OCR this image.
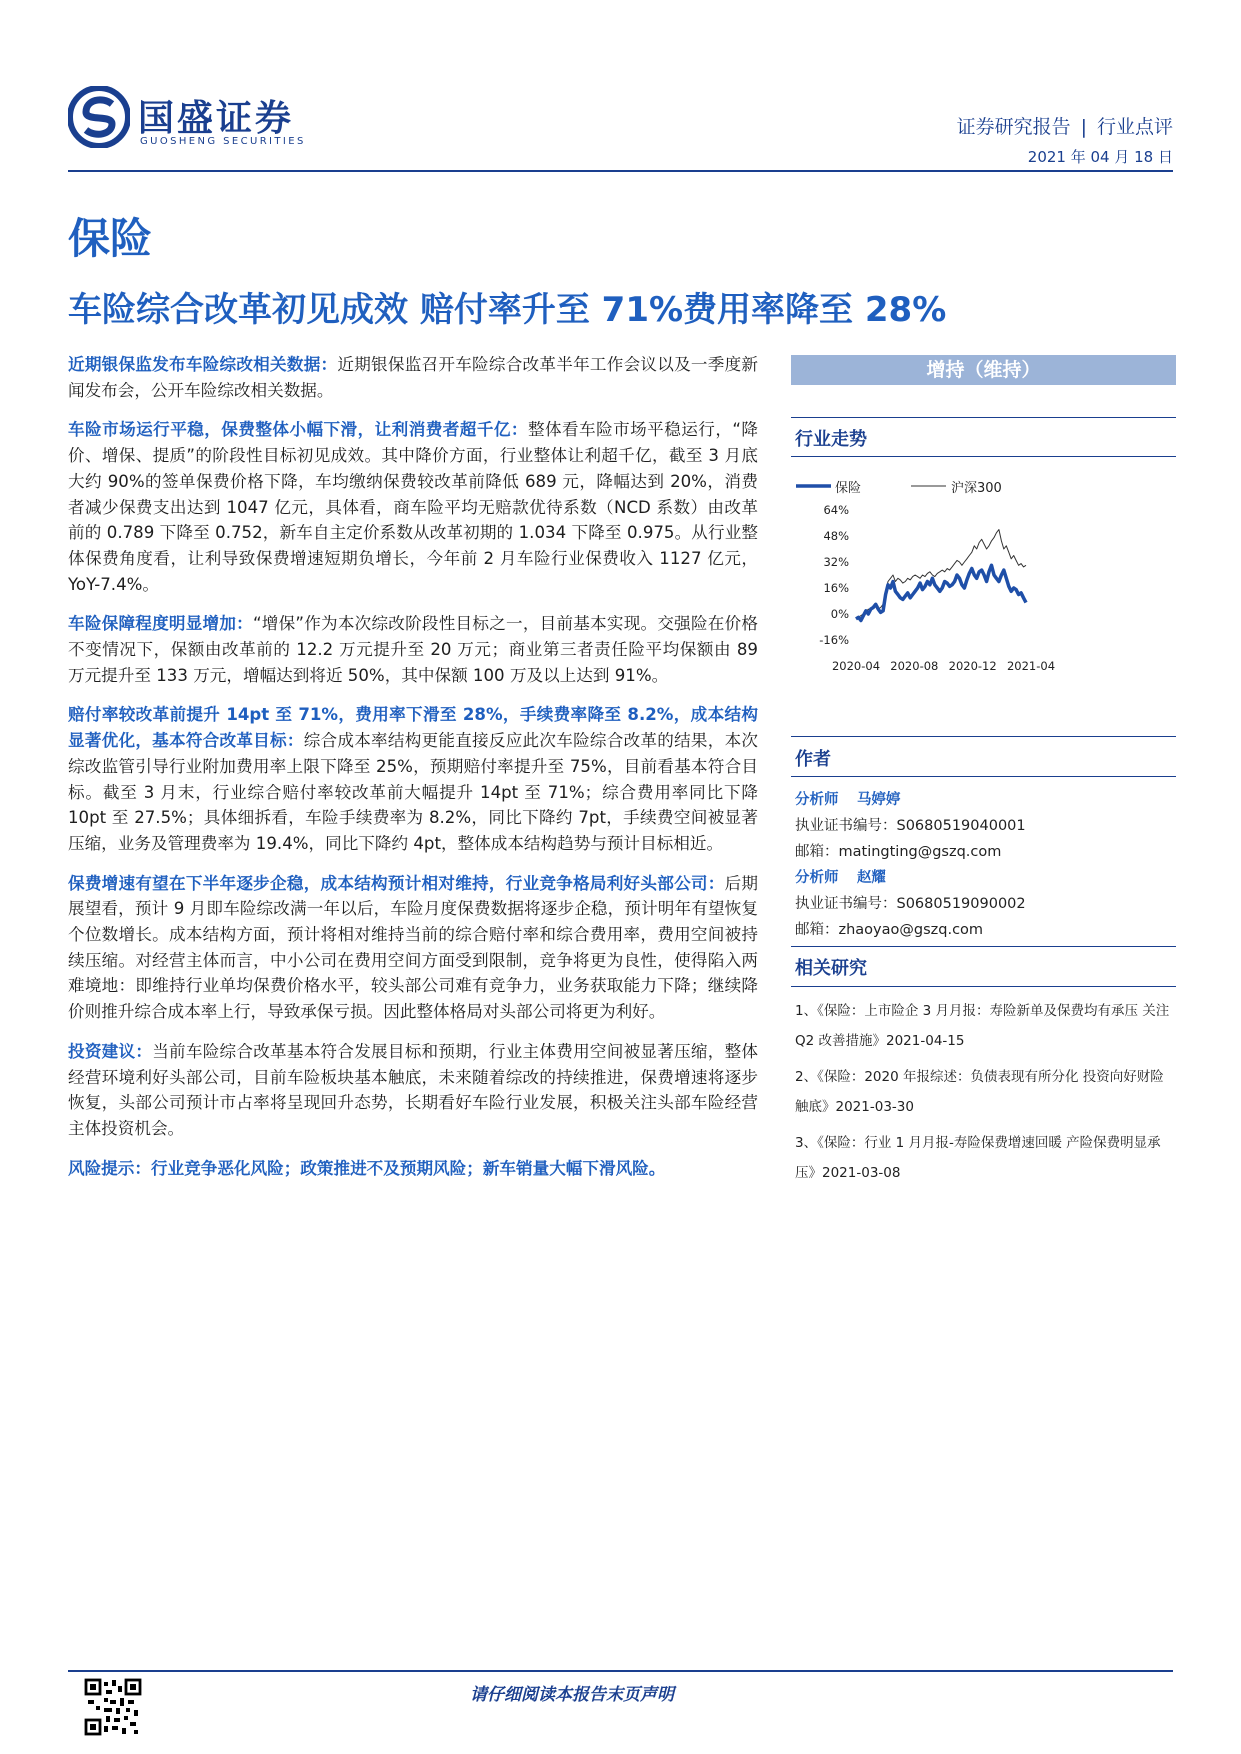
国盛证券
GUOSHENG SECURITIES
证券研究报告 | 行业点评
2021 年 04 月 18 日
保险
车险综合改革初见成效 赔付率升至 71%费用率降至 28%

近期银保监发布车险综改相关数据：近期银保监召开车险综合改革半年工作会议以及一季度新闻发布会，公开车险综改相关数据。

车险市场运行平稳，保费整体小幅下滑，让利消费者超千亿：整体看车险市场平稳运行，“降价、增保、提质”的阶段性目标初见成效。其中降价方面，行业整体让利超千亿，截至 3 月底大约 90%的签单保费价格下降，车均缴纳保费较改革前降低 689 元，降幅达到 20%，消费者减少保费支出达到 1047 亿元，具体看，商车险平均无赔款优待系数（NCD 系数）由改革前的 0.789 下降至 0.752，新车自主定价系数从改革初期的 1.034 下降至 0.975。从行业整体保费角度看，让利导致保费增速短期负增长，今年前 2 月车险行业保费收入 1127 亿元，YoY-7.4%。

车险保障程度明显增加：“增保”作为本次综改阶段性目标之一，目前基本实现。交强险在价格不变情况下，保额由改革前的 12.2 万元提升至 20 万元；商业第三者责任险平均保额由 89 万元提升至 133 万元，增幅达到将近 50%，其中保额 100 万及以上达到 91%。

赔付率较改革前提升 14pt 至 71%，费用率下滑至 28%，手续费率降至 8.2%，成本结构显著优化，基本符合改革目标：综合成本率结构更能直接反应此次车险综合改革的结果，本次综改监管引导行业附加费用率上限下降至 25%，预期赔付率提升至 75%，目前看基本符合目标。截至 3 月末，行业综合赔付率较改革前大幅提升 14pt 至 71%；综合费用率同比下降 10pt 至 27.5%；具体细拆看，车险手续费率为 8.2%，同比下降约 7pt，手续费空间被显著压缩，业务及管理费率为 19.4%，同比下降约 4pt，整体成本结构趋势与预计目标相近。

保费增速有望在下半年逐步企稳，成本结构预计相对维持，行业竞争格局利好头部公司：后期展望看，预计 9 月即车险综改满一年以后，车险月度保费数据将逐步企稳，预计明年有望恢复个位数增长。成本结构方面，预计将相对维持当前的综合赔付率和综合费用率，费用空间被持续压缩。对经营主体而言，中小公司在费用空间方面受到限制，竞争将更为良性，使得陷入两难境地：即维持行业单均保费价格水平，较头部公司难有竞争力，业务获取能力下降；继续降价则推升综合成本率上行，导致承保亏损。因此整体格局对头部公司将更为利好。

投资建议：当前车险综合改革基本符合发展目标和预期，行业主体费用空间被显著压缩，整体经营环境利好头部公司，目前车险板块基本触底，未来随着综改的持续推进，保费增速将逐步恢复，头部公司预计市占率将呈现回升态势，长期看好车险行业发展，积极关注头部车险经营主体投资机会。

风险提示：行业竞争恶化风险；政策推进不及预期风险；新车销量大幅下滑风险。

增持（维持）
行业走势
64%
48%
32%
16%
0%
-16%
2020-04 2020-08 2020-12 2021-04
保险	沪深300
作者
分析师 马婷婷
执业证书编号：S0680519040001
邮箱：matingting@gszq.com
分析师 赵耀
执业证书编号：S0680519090002
邮箱：zhaoyao@gszq.com
相关研究

1、《保险：上市险企 3 月月报：寿险新单及保费均有承压 关注 Q2 改善措施》2021-04-15

2、《保险：2020 年报综述：负债表现有所分化 投资向好财险触底》2021-03-30

3、《保险：行业 1 月月报-寿险保费增速回暖 产险保费明显承压》2021-03-08

请仔细阅读本报告末页声明
